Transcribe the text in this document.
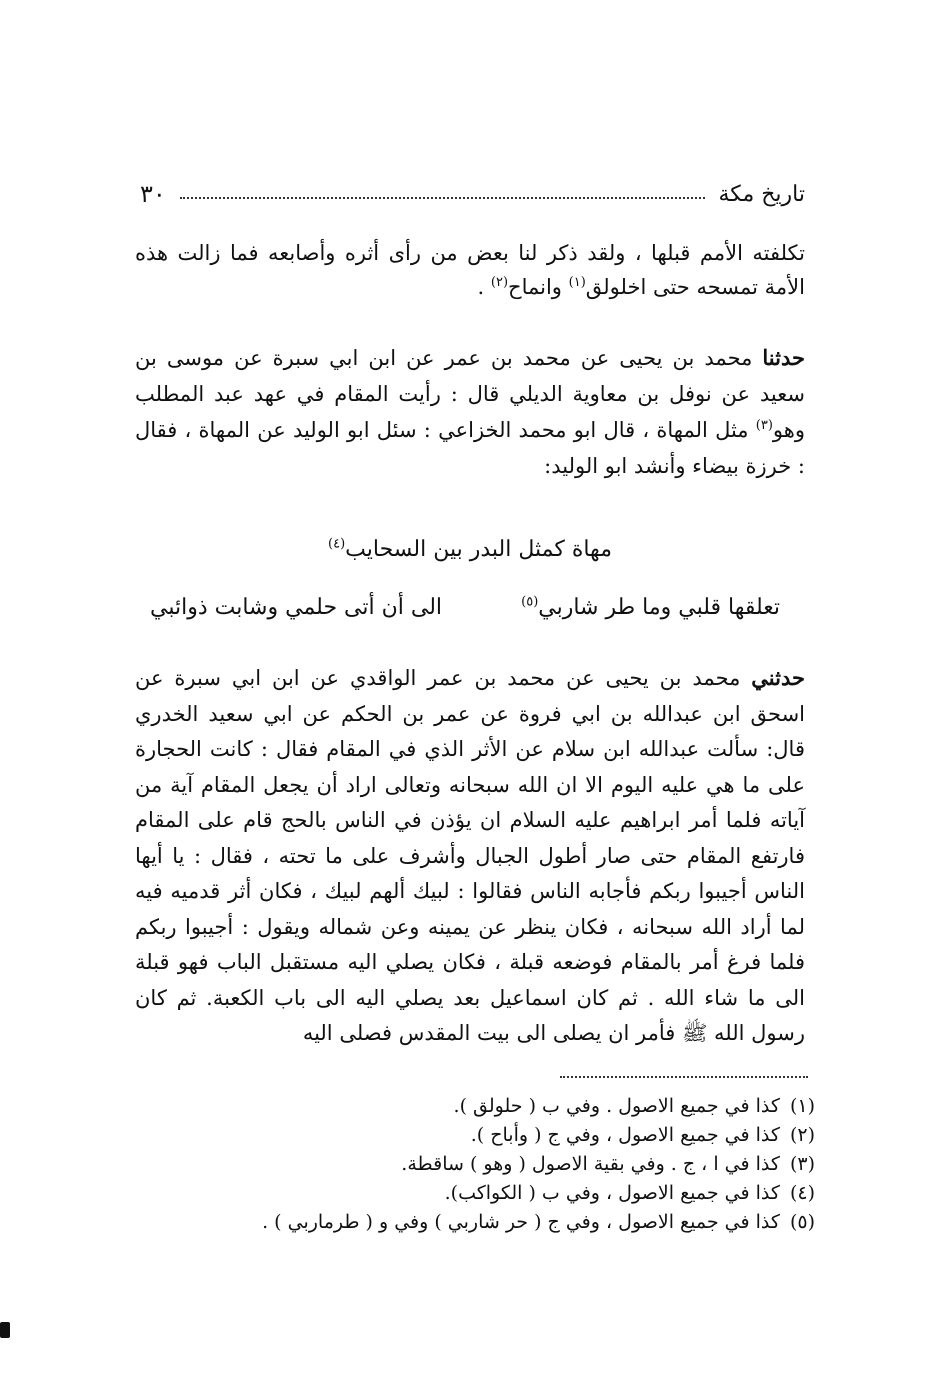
تاريخ مكة
٣٠

تكلفته الأمم قبلها ، ولقد ذكر لنا بعض من رأى أثره وأصابعه فما زالت هذه الأمة تمسحه حتى اخلولق$^{(١)}$ وانماح$^{(٢)}$ .

حدثنا محمد بن يحيى عن محمد بن عمر عن ابن ابي سبرة عن موسى بن سعيد عن نوفل بن معاوية الديلي قال : رأيت المقام في عهد عبد المطلب وهو$^{(٣)}$ مثل المهاة ، قال ابو محمد الخزاعي : سئل ابو الوليد عن المهاة ، فقال : خرزة بيضاء وأنشد ابو الوليد:

مهاة كمثل البدر بين السحايب$^{(٤)}$
تعلقها قلبي وما طر شاربي$^{(٥)}$
الى أن أتى حلمي وشابت ذوائبي

حدثني محمد بن يحيى عن محمد بن عمر الواقدي عن ابن ابي سبرة عن اسحق ابن عبدالله بن ابي فروة عن عمر بن الحكم عن ابي سعيد الخدري قال: سألت عبدالله ابن سلام عن الأثر الذي في المقام فقال : كانت الحجارة على ما هي عليه اليوم الا ان الله سبحانه وتعالى اراد أن يجعل المقام آية من آياته فلما أمر ابراهيم عليه السلام ان يؤذن في الناس بالحج قام على المقام فارتفع المقام حتى صار أطول الجبال وأشرف على ما تحته ، فقال : يا أيها الناس أجيبوا ربكم فأجابه الناس فقالوا : لبيك ألهم لبيك ، فكان أثر قدميه فيه لما أراد الله سبحانه ، فكان ينظر عن يمينه وعن شماله ويقول : أجيبوا ربكم فلما فرغ أمر بالمقام فوضعه قبلة ، فكان يصلي اليه مستقبل الباب فهو قبلة الى ما شاء الله . ثم كان اسماعيل بعد يصلي اليه الى باب الكعبة. ثم كان رسول الله ﷺ فأمر ان يصلى الى بيت المقدس فصلى اليه

(١)
كذا في جميع الاصول . وفي ب ( حلولق ).
(٢)
كذا في جميع الاصول ، وفي ج ( وأباح ).
(٣)
كذا في ا ، ج . وفي بقية الاصول ( وهو ) ساقطة.
(٤)
كذا في جميع الاصول ، وفي ب ( الكواكب).
(٥)
كذا في جميع الاصول ، وفي ج ( حر شاربي ) وفي و ( طرماربي ) .
